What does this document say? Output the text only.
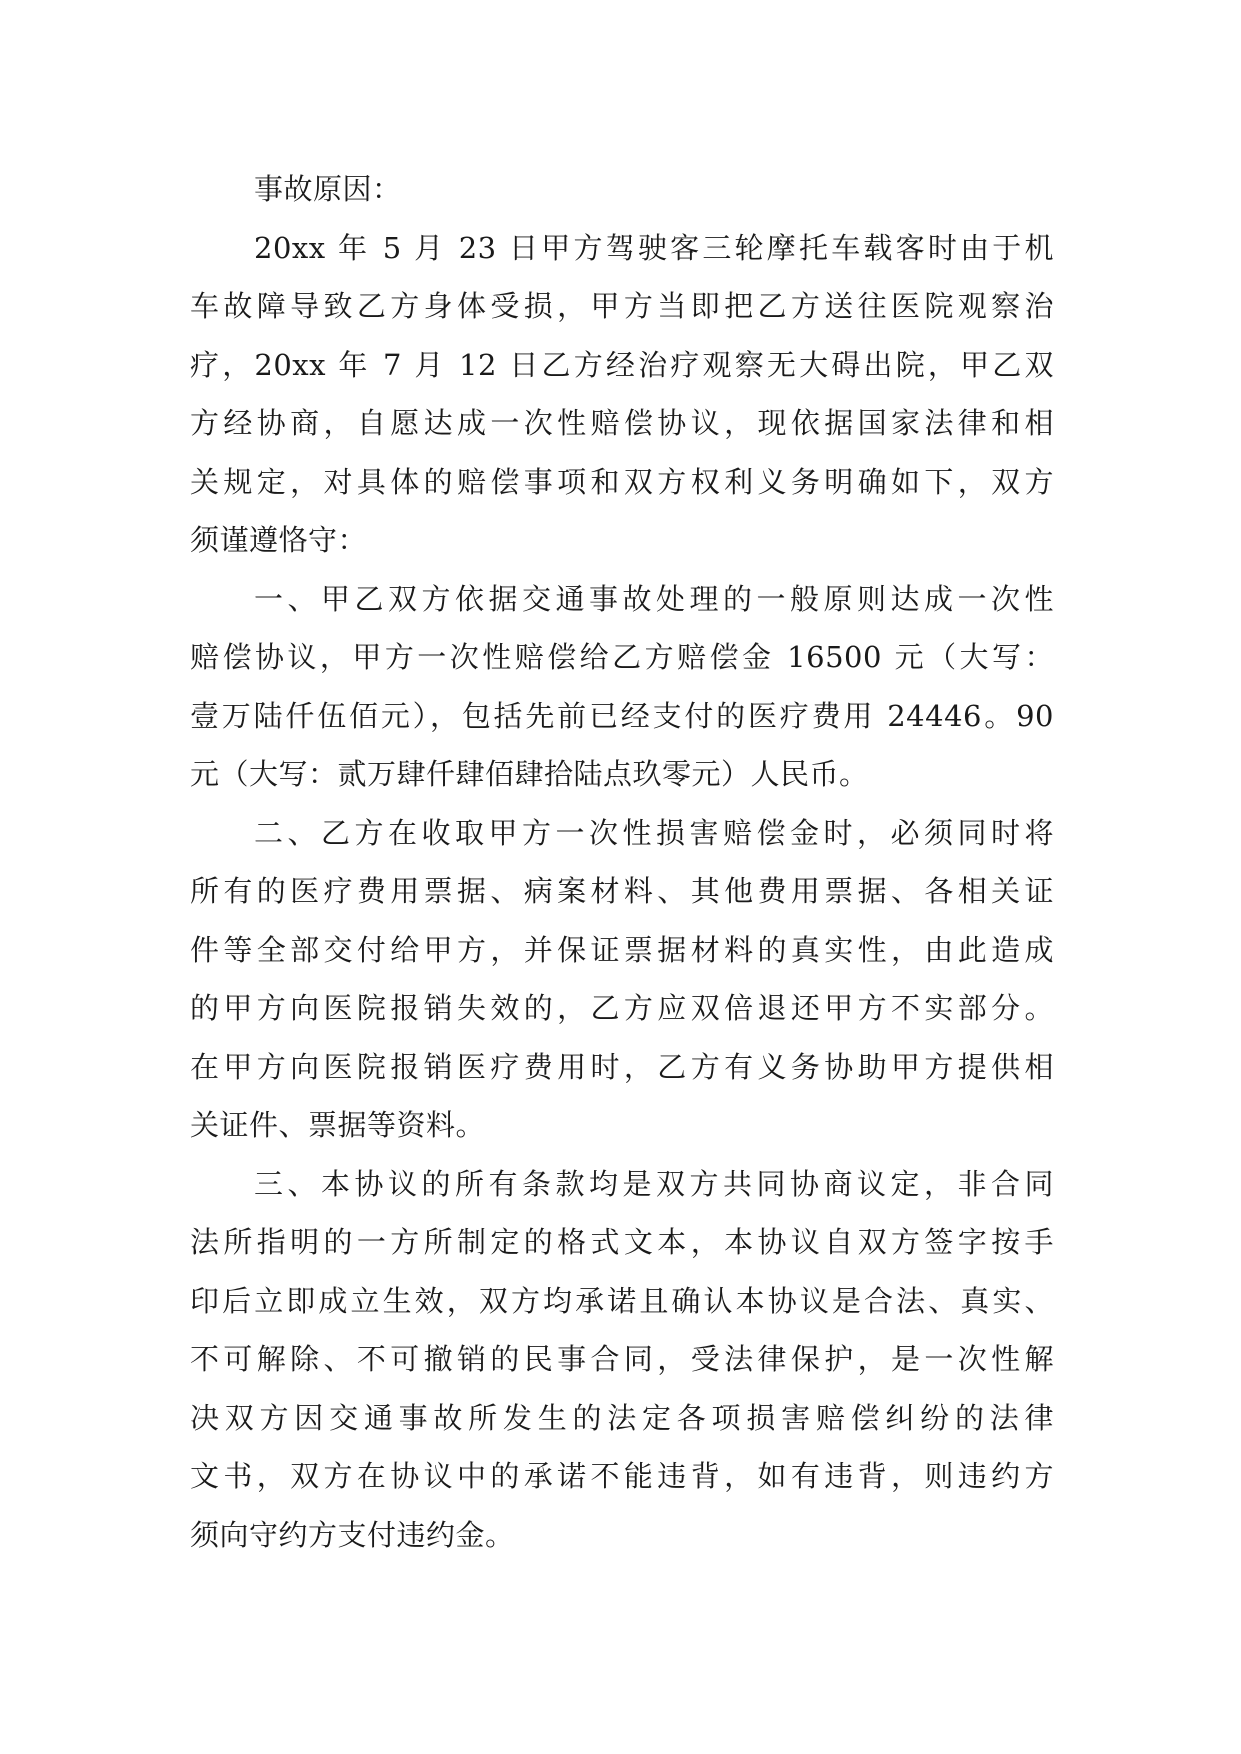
事故原因：
20xx 年 5 月 23 日甲方驾驶客三轮摩托车载客时由于机
车故障导致乙方身体受损，甲方当即把乙方送往医院观察治
疗，20xx 年 7 月 12 日乙方经治疗观察无大碍出院，甲乙双
方经协商，自愿达成一次性赔偿协议，现依据国家法律和相
关规定，对具体的赔偿事项和双方权利义务明确如下，双方
须谨遵恪守：
一、甲乙双方依据交通事故处理的一般原则达成一次性
赔偿协议，甲方一次性赔偿给乙方赔偿金 16500 元（大写：
壹万陆仟伍佰元），包括先前已经支付的医疗费用 24446。90
元（大写：贰万肆仟肆佰肆拾陆点玖零元）人民币。
二、乙方在收取甲方一次性损害赔偿金时，必须同时将
所有的医疗费用票据、病案材料、其他费用票据、各相关证
件等全部交付给甲方，并保证票据材料的真实性，由此造成
的甲方向医院报销失效的，乙方应双倍退还甲方不实部分。
在甲方向医院报销医疗费用时，乙方有义务协助甲方提供相
关证件、票据等资料。
三、本协议的所有条款均是双方共同协商议定，非合同
法所指明的一方所制定的格式文本，本协议自双方签字按手
印后立即成立生效，双方均承诺且确认本协议是合法、真实、
不可解除、不可撤销的民事合同，受法律保护，是一次性解
决双方因交通事故所发生的法定各项损害赔偿纠纷的法律
文书，双方在协议中的承诺不能违背，如有违背，则违约方
须向守约方支付违约金。
